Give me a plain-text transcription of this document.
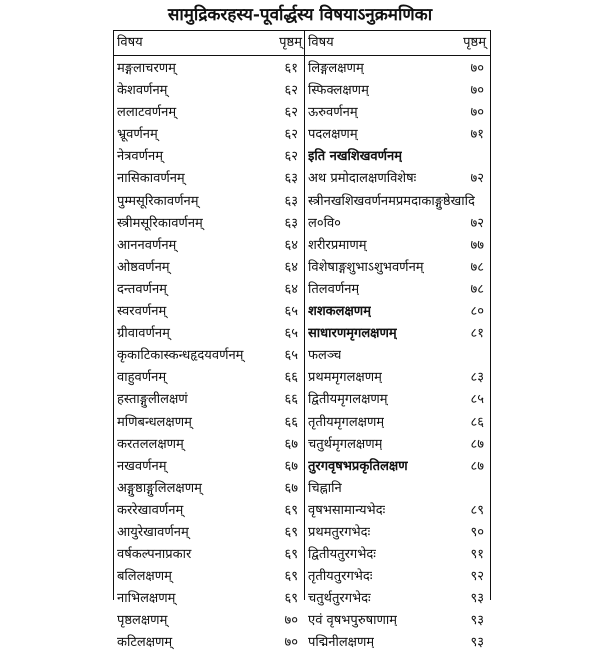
सामुद्रिकरहस्य-पूर्वार्द्धस्य विषयाऽनुक्रमणिका
विषय	पृष्ठम् विषय	पृष्ठम्
मङ्गलाचरणम्	६१ लिङ्गलक्षणम्	७०
केशवर्णनम्	६२ स्फिक्लक्षणम्	७०
ललाटवर्णनम्	६२ ऊरुवर्णनम्	७०
भ्रूवर्णनम्	६२ पदलक्षणम्	७१
नेत्रवर्णनम्	६२ इति नखशिखवर्णनम्
नासिकावर्णनम्	६३ अथ प्रमोदालक्षणविशेषः	७२
पुम्मसूरिकावर्णनम्	६३ स्त्रीनखशिखवर्णनमप्रमदाकाङ्गुष्ठेखादि
स्त्रीमसूरिकावर्णनम्	६३ ल०वि०	७२
आननवर्णनम्	६४ शरीरप्रमाणम्	७७
ओष्ठवर्णनम्	६४ विशेषाङ्गशुभाऽशुभवर्णनम्	७८
दन्तवर्णनम्	६४ तिलवर्णनम्	७८
स्वरवर्णनम्	६५ शशकलक्षणम्	८०
ग्रीवावर्णनम्	६५ साधारणमृगलक्षणम्	८१
कृकाटिकास्कन्धहृदयवर्णनम्	६५ फलञ्च
वाहुवर्णनम्	६६ प्रथममृगलक्षणम्	८३
हस्ताङ्गुलीलक्षणं	६६ द्वितीयमृगलक्षणम्	८५
मणिबन्धलक्षणम्	६६ तृतीयमृगलक्षणम्	८६
करतललक्षणम्	६७ चतुर्थमृगलक्षणम्	८७
नखवर्णनम्	६७ तुरगवृषभप्रकृतिलक्षण	८७
अङ्गुष्ठाङ्गुलिलक्षणम्	६७ चिह्नानि
कररेखावर्णनम्	६९ वृषभसामान्यभेदः	८९
आयुरेखावर्णनम्	६९ प्रथमतुरगभेदः	९०
वर्षकल्पनाप्रकार	६९ द्वितीयतुरगभेदः	९१
बलिलक्षणम्	६९ तृतीयतुरगभेदः	९२
नाभिलक्षणम्	६९ चतुर्थतुरगभेदः	९३
पृष्ठलक्षणम्	७० एवं वृषभपुरुषाणाम्	९३
कटिलक्षणम्	७० पद्मिनीलक्षणम्	९३
